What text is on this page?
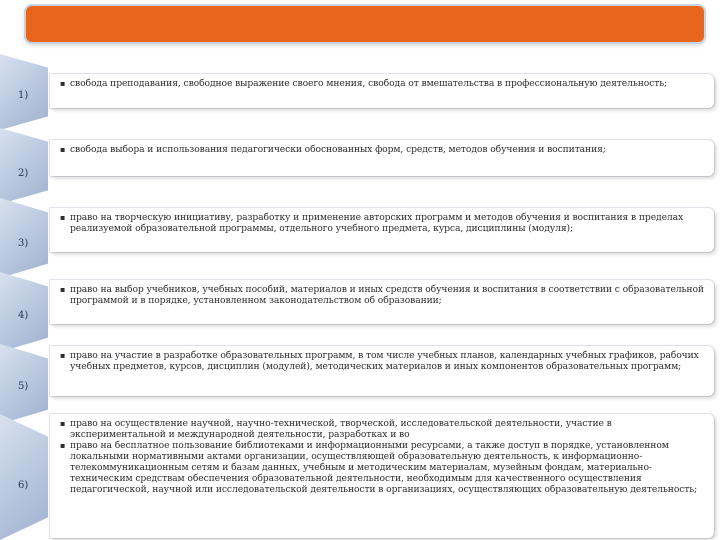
1)
▪ свобода преподавания, свободное выражение своего мнения, свобода от вмешательства в профессиональную деятельность;
2)
▪ свобода выбора и использования педагогически обоснованных форм, средств, методов обучения и воспитания;
3)
▪ право на творческую инициативу, разработку и применение авторских программ и методов обучения и воспитания в пределах реализуемой образовательной программы, отдельного учебного предмета, курса, дисциплины (модуля);
4)
▪ право на выбор учебников, учебных пособий, материалов и иных средств обучения и воспитания в соответствии с образовательной программой и в порядке, установленном законодательством об образовании;
5)
▪ право на участие в разработке образовательных программ, в том числе учебных планов, календарных учебных графиков, рабочих учебных предметов, курсов, дисциплин (модулей), методических материалов и иных компонентов образовательных программ;
6)
▪ право на осуществление научной, научно-технической, творческой, исследовательской деятельности, участие в экспериментальной и международной деятельности, разработках и во
▪ право на бесплатное пользование библиотеками и информационными ресурсами, а также доступ в порядке, установленном локальными нормативными актами организации, осуществляющей образовательную деятельность, к информационно-телекоммуникационным сетям и базам данных, учебным и методическим материалам, музейным фондам, материально-техническим средствам обеспечения образовательной деятельности, необходимым для качественного осуществления педагогической, научной или исследовательской деятельности в организациях, осуществляющих образовательную деятельность;
